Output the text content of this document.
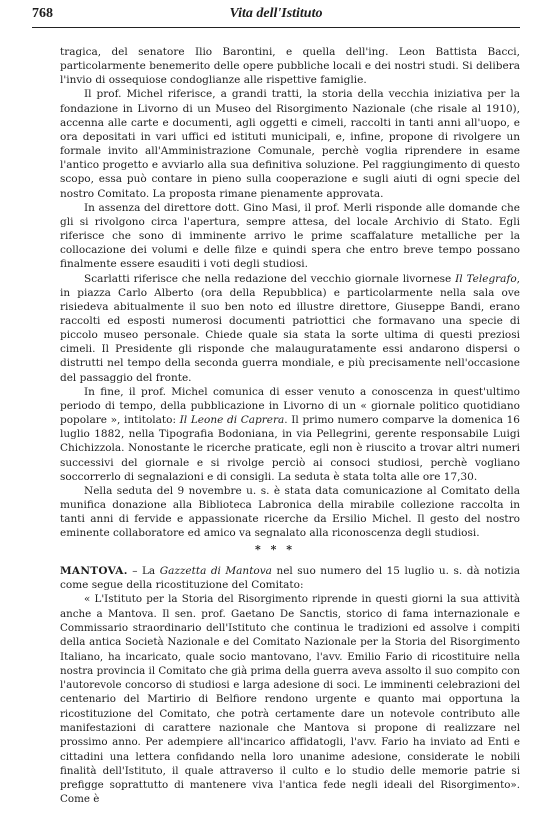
768	Vita dell'Istituto

tragica, del senatore Ilio Barontini, e quella dell'ing. Leon Battista Bacci, particolarmente benemerito delle opere pubbliche locali e dei nostri studi. Si delibera l'invio di ossequiose condoglianze alle rispettive famiglie.

Il prof. Michel riferisce, a grandi tratti, la storia della vecchia iniziativa per la fondazione in Livorno di un Museo del Risorgimento Nazionale (che risale al 1910), accenna alle carte e documenti, agli oggetti e cimeli, raccolti in tanti anni all'uopo, e ora depositati in vari uffici ed istituti municipali, e, infine, propone di rivolgere un formale invito all'Amministrazione Comunale, perchè voglia riprendere in esame l'antico progetto e avviarlo alla sua definitiva soluzione. Pel raggiungimento di questo scopo, essa può contare in pieno sulla cooperazione e sugli aiuti di ogni specie del nostro Comitato. La proposta rimane pienamente approvata.

In assenza del direttore dott. Gino Masi, il prof. Merli risponde alle domande che gli si rivolgono circa l'apertura, sempre attesa, del locale Archivio di Stato. Egli riferisce che sono di imminente arrivo le prime scaffalature metalliche per la collocazione dei volumi e delle filze e quindi spera che entro breve tempo possano finalmente essere esauditi i voti degli studiosi.

Scarlatti riferisce che nella redazione del vecchio giornale livornese Il Telegrafo, in piazza Carlo Alberto (ora della Repubblica) e particolarmente nella sala ove risiedeva abitualmente il suo ben noto ed illustre direttore, Giuseppe Bandi, erano raccolti ed esposti numerosi documenti patriottici che formavano una specie di piccolo museo personale. Chiede quale sia stata la sorte ultima di questi preziosi cimeli. Il Presidente gli risponde che malauguratamente essi andarono dispersi o distrutti nel tempo della seconda guerra mondiale, e più precisamente nell'occasione del passaggio del fronte.

In fine, il prof. Michel comunica di esser venuto a conoscenza in quest'ultimo periodo di tempo, della pubblicazione in Livorno di un « giornale politico quotidiano popolare », intitolato: Il Leone di Caprera. Il primo numero comparve la domenica 16 luglio 1882, nella Tipografia Bodoniana, in via Pellegrini, gerente responsabile Luigi Chichizzola. Nonostante le ricerche praticate, egli non è riuscito a trovar altri numeri successivi del giornale e si rivolge perciò ai consoci studiosi, perchè vogliano soccorrerlo di segnalazioni e di consigli. La seduta è stata tolta alle ore 17,30.

Nella seduta del 9 novembre u. s. è stata data comunicazione al Comitato della munifica donazione alla Biblioteca Labronica della mirabile collezione raccolta in tanti anni di fervide e appassionate ricerche da Ersilio Michel. Il gesto del nostro eminente collaboratore ed amico va segnalato alla riconoscenza degli studiosi.

* * *

MANTOVA. – La Gazzetta di Mantova nel suo numero del 15 luglio u. s. dà notizia come segue della ricostituzione del Comitato:

« L'Istituto per la Storia del Risorgimento riprende in questi giorni la sua attività anche a Mantova. Il sen. prof. Gaetano De Sanctis, storico di fama internazionale e Commissario straordinario dell'Istituto che continua le tradizioni ed assolve i compiti della antica Società Nazionale e del Comitato Nazionale per la Storia del Risorgimento Italiano, ha incaricato, quale socio mantovano, l'avv. Emilio Fario di ricostituire nella nostra provincia il Comitato che già prima della guerra aveva assolto il suo compito con l'autorevole concorso di studiosi e larga adesione di soci. Le imminenti celebrazioni del centenario del Martirio di Belfiore rendono urgente e quanto mai opportuna la ricostituzione del Comitato, che potrà certamente dare un notevole contributo alle manifestazioni di carattere nazionale che Mantova si propone di realizzare nel prossimo anno. Per adempiere all'incarico affidatogli, l'avv. Fario ha inviato ad Enti e cittadini una lettera confidando nella loro unanime adesione, considerate le nobili finalità dell'Istituto, il quale attraverso il culto e lo studio delle memorie patrie si prefigge soprattutto di mantenere viva l'antica fede negli ideali del Risorgimento». Come è
